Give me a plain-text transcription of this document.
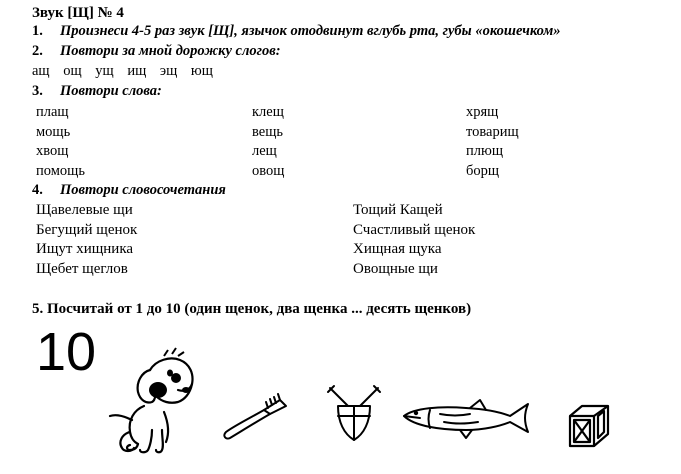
Звук [Щ] № 4
1. Произнеси 4-5 раз звук [Щ], язычок отодвинут вглубь рта, губы «окошечком»
2. Повтори за мной дорожку слогов:
ащ ощ ущ ищ эщ ющ
3. Повтори слова:
плащ
мощь
хвощ
помощь
клещ
вещь
лещ
овощ
хрящ
товарищ
плющ
борщ
4. Повтори словосочетания
Щавелевые щи
Бегущий щенок
Ищут хищника
Щебет щеглов
Тощий Кащей
Счастливый щенок
Хищная щука
Овощные щи
5. Посчитай от 1 до 10 (один щенок, два щенка ... десять щенков)
10
